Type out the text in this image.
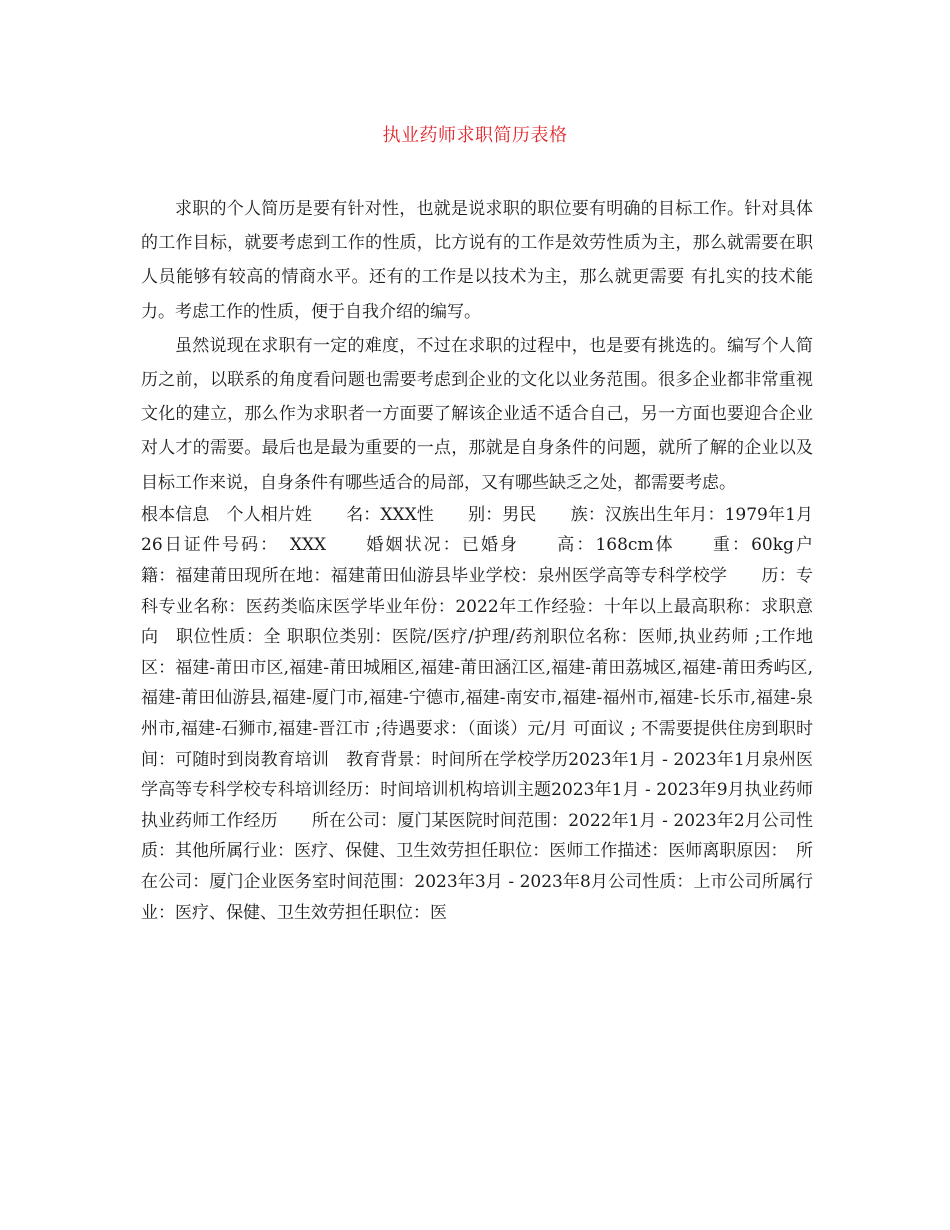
执业药师求职简历表格

求职的个人简历是要有针对性，也就是说求职的职位要有明确的目标工作。针对具体的工作目标，就要考虑到工作的性质，比方说有的工作是效劳性质为主，那么就需要在职人员能够有较高的情商水平。还有的工作是以技术为主，那么就更需要 有扎实的技术能力。考虑工作的性质，便于自我介绍的编写。

虽然说现在求职有一定的难度，不过在求职的过程中，也是要有挑选的。编写个人简历之前，以联系的角度看问题也需要考虑到企业的文化以业务范围。很多企业都非常重视文化的建立，那么作为求职者一方面要了解该企业适不适合自己，另一方面也要迎合企业对人才的需要。最后也是最为重要的一点，那就是自身条件的问题，就所了解的企业以及目标工作来说，自身条件有哪些适合的局部，又有哪些缺乏之处，都需要考虑。

根本信息　个人相片姓　　名：XXX性　　别：男民　　族：汉族出生年月：1979年1月26日证件号码：　XXX　　婚姻状况：已婚身　　高：168cm体　　重：60kg户　　籍：福建莆田现所在地：福建莆田仙游县毕业学校：泉州医学高等专科学校学　　历：专科专业名称：医药类临床医学毕业年份：2022年工作经验：十年以上最高职称：求职意向　职位性质：全 职职位类别：医院/医疗/护理/药剂职位名称：医师,执业药师 ;工作地区：福建-莆田市区,福建-莆田城厢区,福建-莆田涵江区,福建-莆田荔城区,福建-莆田秀屿区,福建-莆田仙游县,福建-厦门市,福建-宁德市,福建-南安市,福建-福州市,福建-长乐市,福建-泉州市,福建-石狮市,福建-晋江市 ;待遇要求：（面谈）元/月 可面议 ; 不需要提供住房到职时间：可随时到岗教育培训　教育背景：时间所在学校学历2023年1月 - 2023年1月泉州医学高等专科学校专科培训经历：时间培训机构培训主题2023年1月 - 2023年9月执业药师执业药师工作经历　　所在公司：厦门某医院时间范围：2022年1月 - 2023年2月公司性质：其他所属行业：医疗、保健、卫生效劳担任职位：医师工作描述：医师离职原因：　所在公司：厦门企业医务室时间范围：2023年3月 - 2023年8月公司性质：上市公司所属行业：医疗、保健、卫生效劳担任职位：医
